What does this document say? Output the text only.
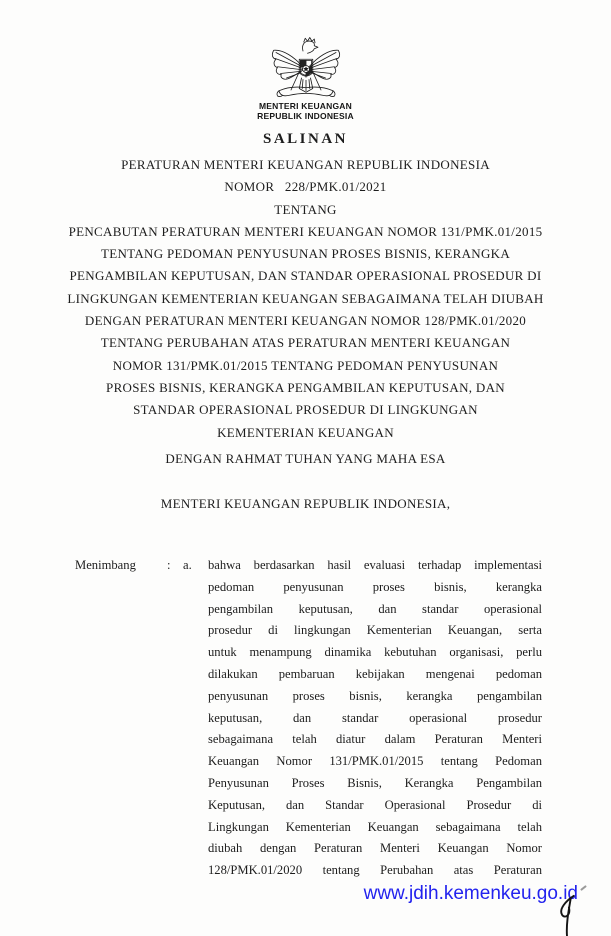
MENTERI KEUANGAN
REPUBLIK INDONESIA
SALINAN
PERATURAN MENTERI KEUANGAN REPUBLIK INDONESIA
NOMOR   228/PMK.01/2021
TENTANG
PENCABUTAN PERATURAN MENTERI KEUANGAN NOMOR 131/PMK.01/2015
TENTANG PEDOMAN PENYUSUNAN PROSES BISNIS, KERANGKA
PENGAMBILAN KEPUTUSAN, DAN STANDAR OPERASIONAL PROSEDUR DI
LINGKUNGAN KEMENTERIAN KEUANGAN SEBAGAIMANA TELAH DIUBAH
DENGAN PERATURAN MENTERI KEUANGAN NOMOR 128/PMK.01/2020
TENTANG PERUBAHAN ATAS PERATURAN MENTERI KEUANGAN
NOMOR 131/PMK.01/2015 TENTANG PEDOMAN PENYUSUNAN
PROSES BISNIS, KERANGKA PENGAMBILAN KEPUTUSAN, DAN
STANDAR OPERASIONAL PROSEDUR DI LINGKUNGAN
KEMENTERIAN KEUANGAN
DENGAN RAHMAT TUHAN YANG MAHA ESA
MENTERI KEUANGAN REPUBLIK INDONESIA,
Menimbang	: a.	bahwa berdasarkan hasil evaluasi terhadap implementasi
pedoman penyusunan proses bisnis, kerangka
pengambilan keputusan, dan standar operasional
prosedur di lingkungan Kementerian Keuangan, serta
untuk menampung dinamika kebutuhan organisasi, perlu
dilakukan pembaruan kebijakan mengenai pedoman
penyusunan proses bisnis, kerangka pengambilan
keputusan, dan standar operasional prosedur
sebagaimana telah diatur dalam Peraturan Menteri
Keuangan Nomor 131/PMK.01/2015 tentang Pedoman
Penyusunan Proses Bisnis, Kerangka Pengambilan
Keputusan, dan Standar Operasional Prosedur di
Lingkungan Kementerian Keuangan sebagaimana telah
diubah dengan Peraturan Menteri Keuangan Nomor
128/PMK.01/2020 tentang Perubahan atas Peraturan
www.jdih.kemenkeu.go.id
